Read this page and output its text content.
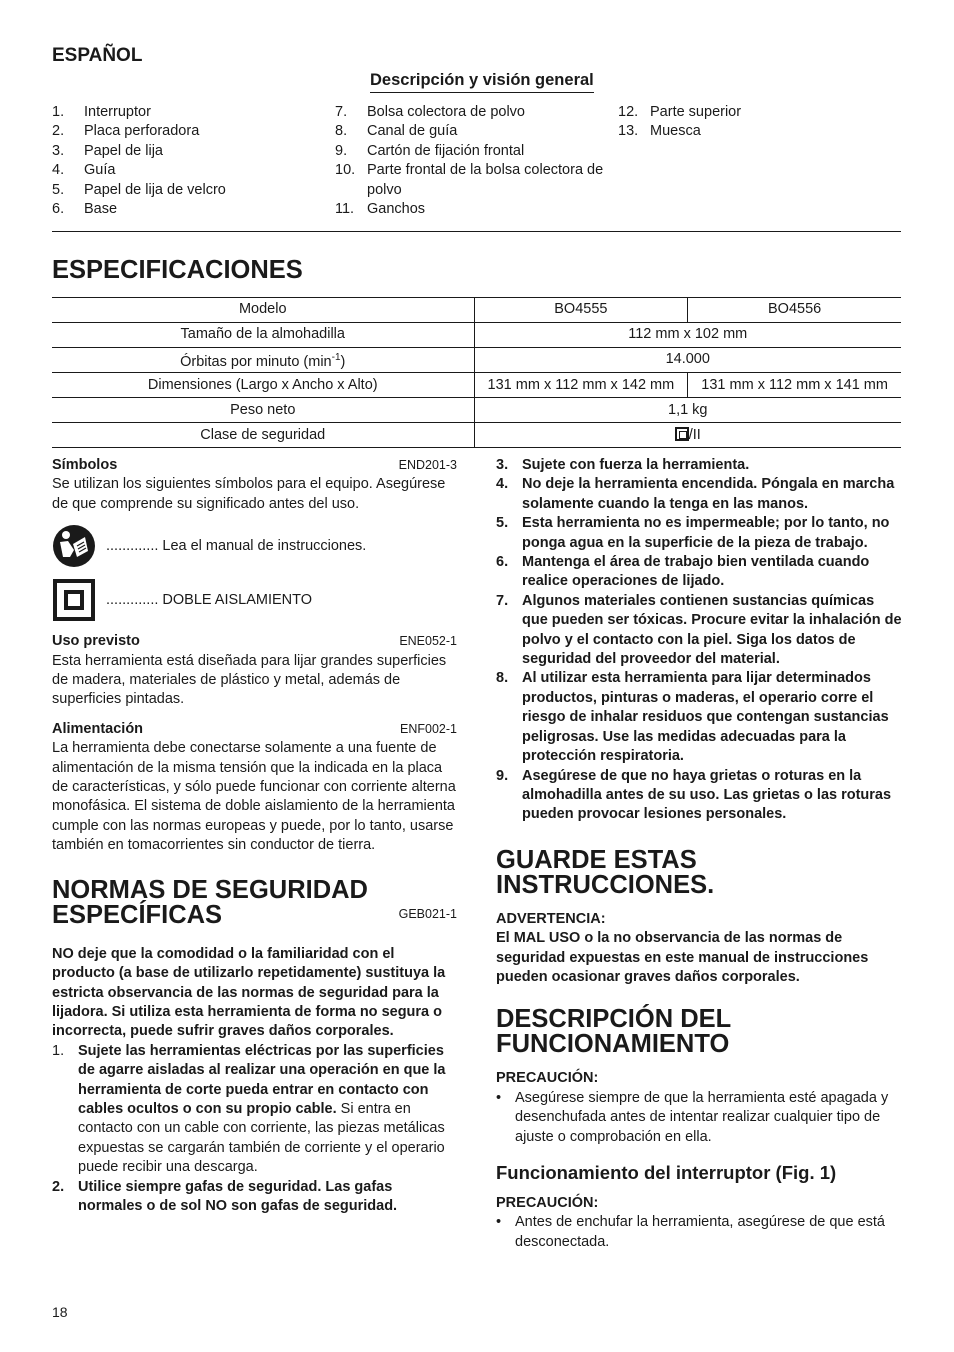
ESPAÑOL
Descripción y visión general
1.	Interruptor
2.	Placa perforadora
3.	Papel de lija
4.	Guía
5.	Papel de lija de velcro
6.	Base
7.	Bolsa colectora de polvo
8.	Canal de guía
9.	Cartón de fijación frontal
10. Parte frontal de la bolsa colectora de polvo
11. Ganchos
12. Parte superior
13. Muesca
ESPECIFICACIONES
Modelo	BO4555	BO4556
Tamaño de la almohadilla	112 mm x 102 mm	
Órbitas por minuto $(\min^{-1})$	14.000	
Dimensiones (Largo x Ancho x Alto)	131 mm x 112 mm x 142 mm	131 mm x 112 mm x 141 mm
Peso neto	1,1 kg	
Clase de seguridad	/II	
Símbolos	END201-3

Se utilizan los siguientes símbolos para el equipo. Asegúrese de que comprende su significado antes del uso.

............. Lea el manual de instrucciones.
............. DOBLE AISLAMIENTO
Uso previsto	ENE052-1

Esta herramienta está diseñada para lijar grandes superficies de madera, materiales de plástico y metal, además de superficies pintadas.

Alimentación	ENF002-1

La herramienta debe conectarse solamente a una fuente de alimentación de la misma tensión que la indicada en la placa de características, y sólo puede funcionar con corriente alterna monofásica. El sistema de doble aislamiento de la herramienta cumple con las normas europeas y puede, por lo tanto, usarse también en tomacorrientes sin conductor de tierra.

NORMAS DE SEGURIDAD
ESPECÍFICAS	GEB021-1

NO deje que la comodidad o la familiaridad con el producto (a base de utilizarlo repetidamente) sustituya la estricta observancia de las normas de seguridad para la lijadora. Si utiliza esta herramienta de forma no segura o incorrecta, puede sufrir graves daños corporales.

1. Sujete las herramientas eléctricas por las superficies de agarre aisladas al realizar una operación en que la herramienta de corte pueda entrar en contacto con cables ocultos o con su propio cable. Si entra en contacto con un cable con corriente, las piezas metálicas expuestas se cargarán también de corriente y el operario puede recibir una descarga.
2. Utilice siempre gafas de seguridad. Las gafas normales o de sol NO son gafas de seguridad.
3. Sujete con fuerza la herramienta.
4. No deje la herramienta encendida. Póngala en marcha solamente cuando la tenga en las manos.
5. Esta herramienta no es impermeable; por lo tanto, no ponga agua en la superficie de la pieza de trabajo.
6. Mantenga el área de trabajo bien ventilada cuando realice operaciones de lijado.
7. Algunos materiales contienen sustancias químicas que pueden ser tóxicas. Procure evitar la inhalación de polvo y el contacto con la piel. Siga los datos de seguridad del proveedor del material.
8. Al utilizar esta herramienta para lijar determinados productos, pinturas o maderas, el operario corre el riesgo de inhalar residuos que contengan sustancias peligrosas. Use las medidas adecuadas para la protección respiratoria.
9. Asegúrese de que no haya grietas o roturas en la almohadilla antes de su uso. Las grietas o las roturas pueden provocar lesiones personales.
GUARDE ESTAS
INSTRUCCIONES.

ADVERTENCIA:

El MAL USO o la no observancia de las normas de seguridad expuestas en este manual de instrucciones pueden ocasionar graves daños corporales.

DESCRIPCIÓN DEL
FUNCIONAMIENTO

PRECAUCIÓN:

• Asegúrese siempre de que la herramienta esté apagada y desenchufada antes de intentar realizar cualquier tipo de ajuste o comprobación en ella.
Funcionamiento del interruptor (Fig. 1)

PRECAUCIÓN:

• Antes de enchufar la herramienta, asegúrese de que está desconectada.
18
